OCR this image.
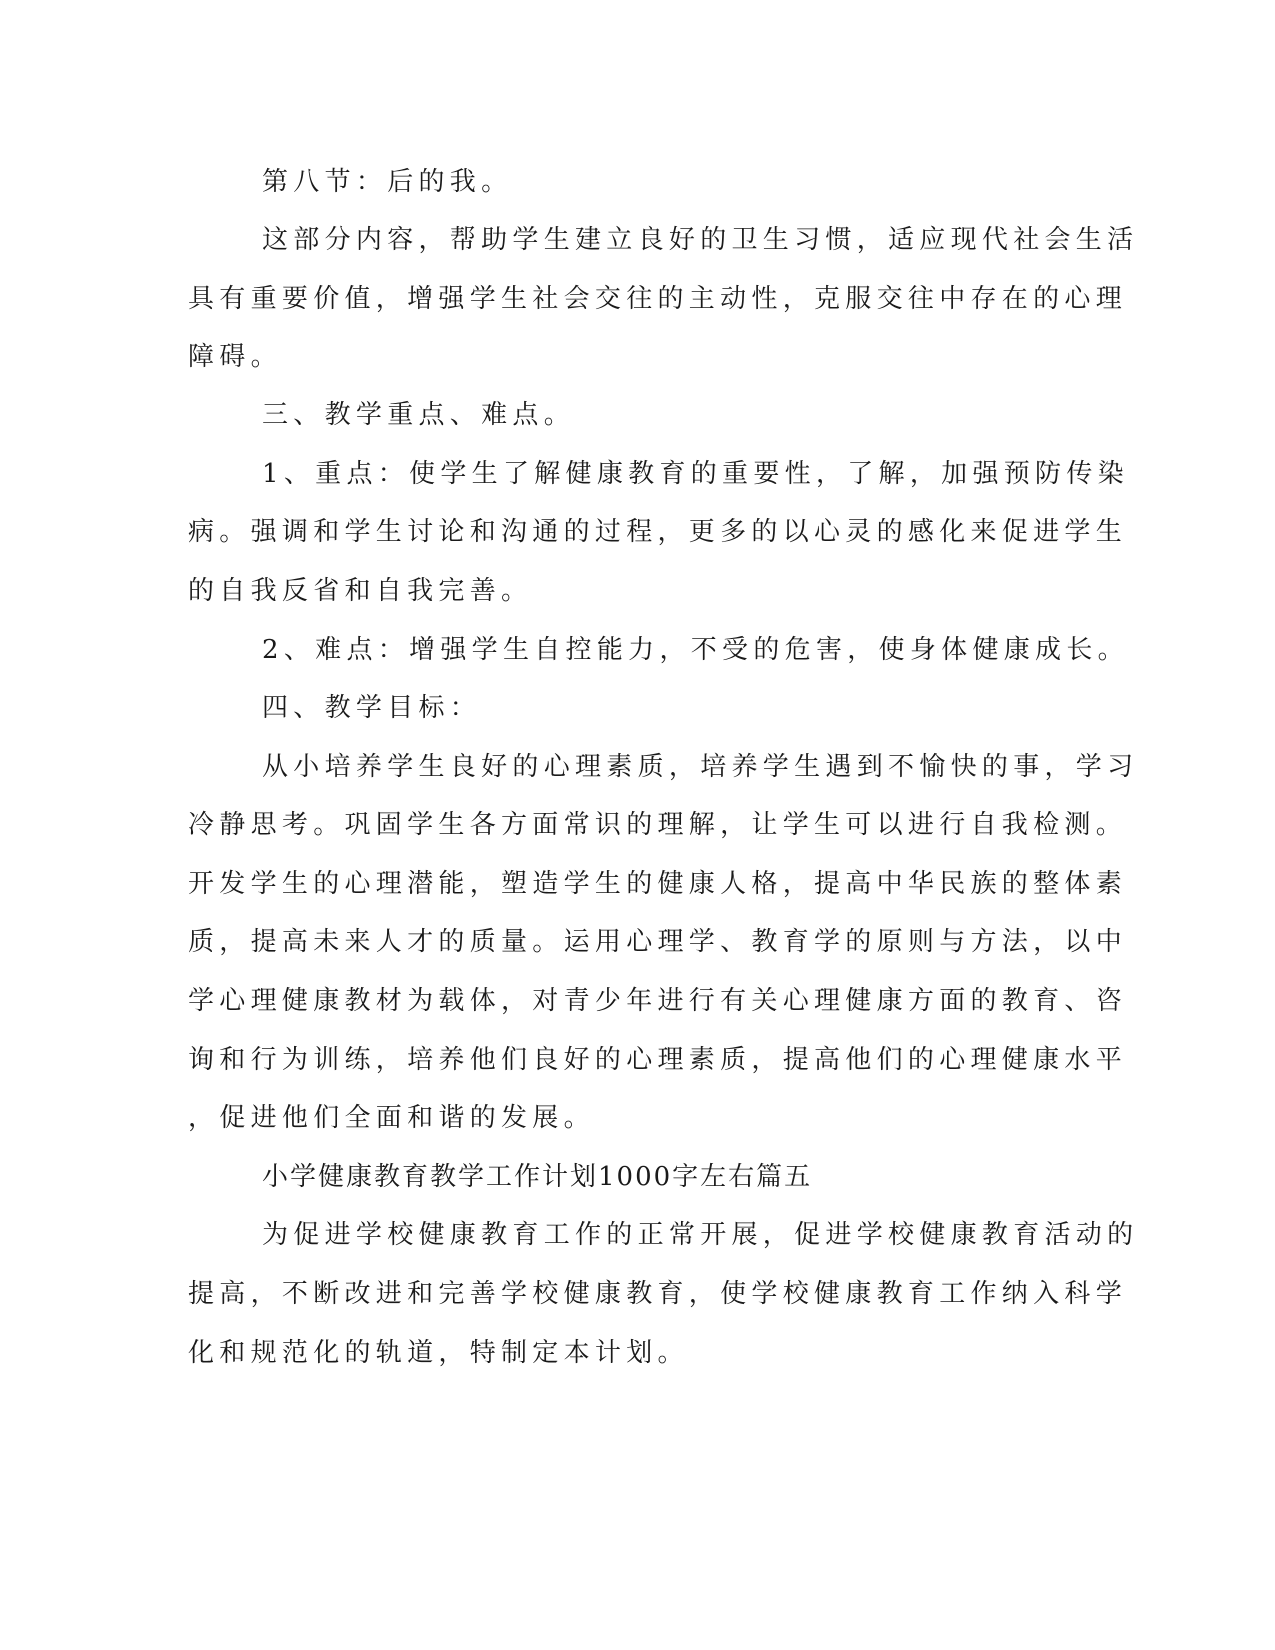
第八节：后的我。
这部分内容，帮助学生建立良好的卫生习惯，适应现代社会生活
具有重要价值，增强学生社会交往的主动性，克服交往中存在的心理
障碍。
三、教学重点、难点。
1、重点：使学生了解健康教育的重要性，了解，加强预防传染
病。强调和学生讨论和沟通的过程，更多的以心灵的感化来促进学生
的自我反省和自我完善。
2、难点：增强学生自控能力，不受的危害，使身体健康成长。
四、教学目标：
从小培养学生良好的心理素质，培养学生遇到不愉快的事，学习
冷静思考。巩固学生各方面常识的理解，让学生可以进行自我检测。
开发学生的心理潜能，塑造学生的健康人格，提高中华民族的整体素
质，提高未来人才的质量。运用心理学、教育学的原则与方法，以中
学心理健康教材为载体，对青少年进行有关心理健康方面的教育、咨
询和行为训练，培养他们良好的心理素质，提高他们的心理健康水平
，促进他们全面和谐的发展。
小学健康教育教学工作计划1000字左右篇五
为促进学校健康教育工作的正常开展，促进学校健康教育活动的
提高，不断改进和完善学校健康教育，使学校健康教育工作纳入科学
化和规范化的轨道，特制定本计划。
